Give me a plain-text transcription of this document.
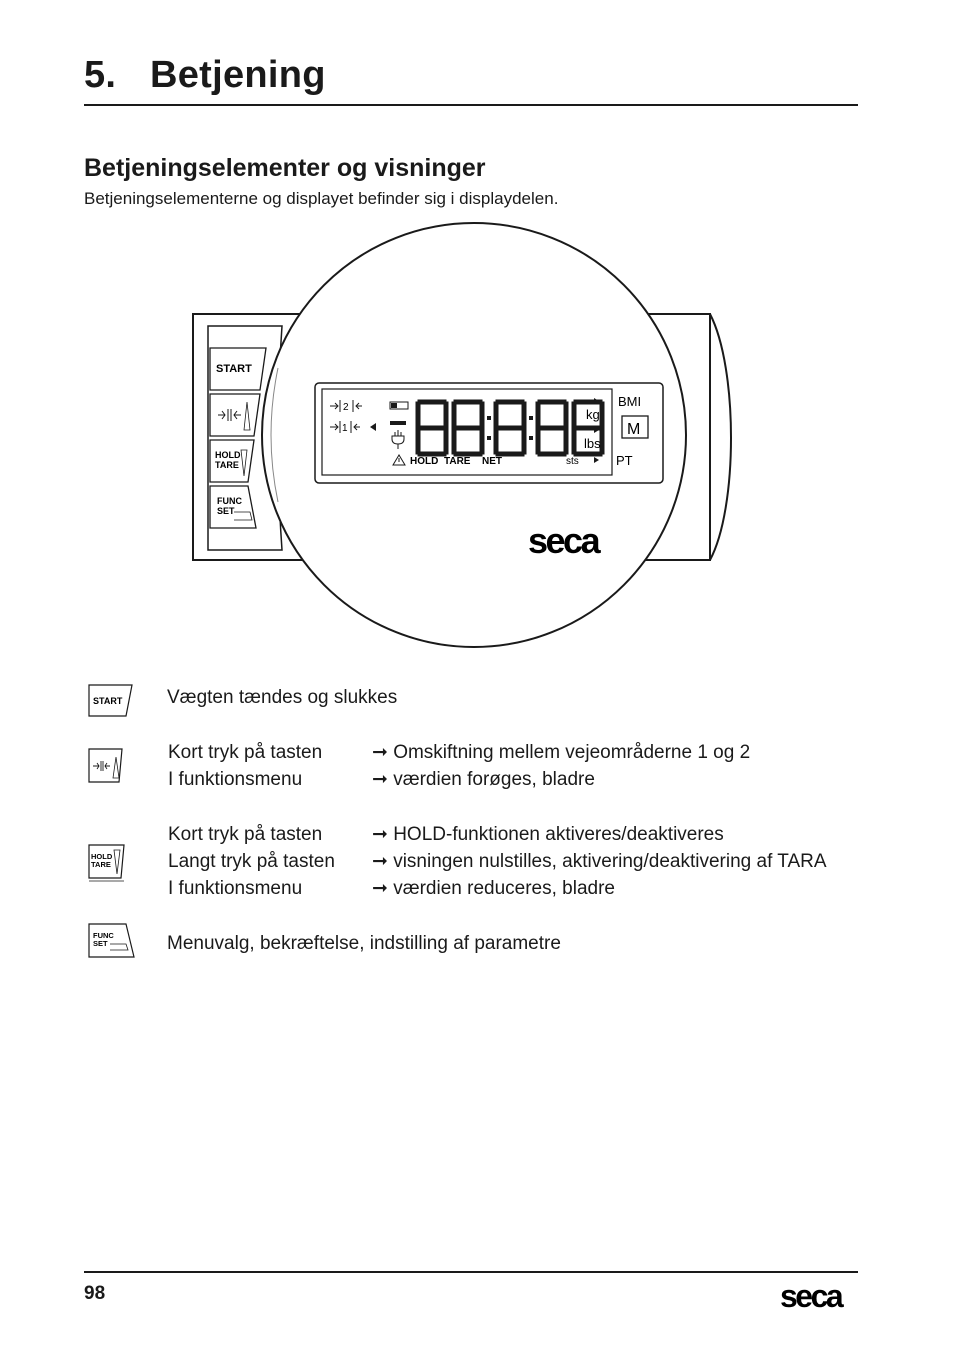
5. Betjening
Betjeningselementer og visninger
Betjeningselementerne og displayet befinder sig i displaydelen.
START
HOLD
TARE
FUNC
SET
2
1
kg
lbs
HOLD TARE NET	sts
BMI
M
PT
seca
START Vægten tændes og slukkes
Kort tryk på tasten	➞ Omskiftning mellem vejeområderne 1 og 2
I funktionsmenu	➞ værdien forøges, bladre
HOLD
TARE
Kort tryk på tasten	➞ HOLD-funktionen aktiveres/deaktiveres
Langt tryk på tasten ➞ visningen nulstilles, aktivering/deaktivering af TARA
I funktionsmenu	➞ værdien reduceres, bladre
FUNC
SET	Menuvalg, bekræftelse, indstilling af parametre
98	seca
